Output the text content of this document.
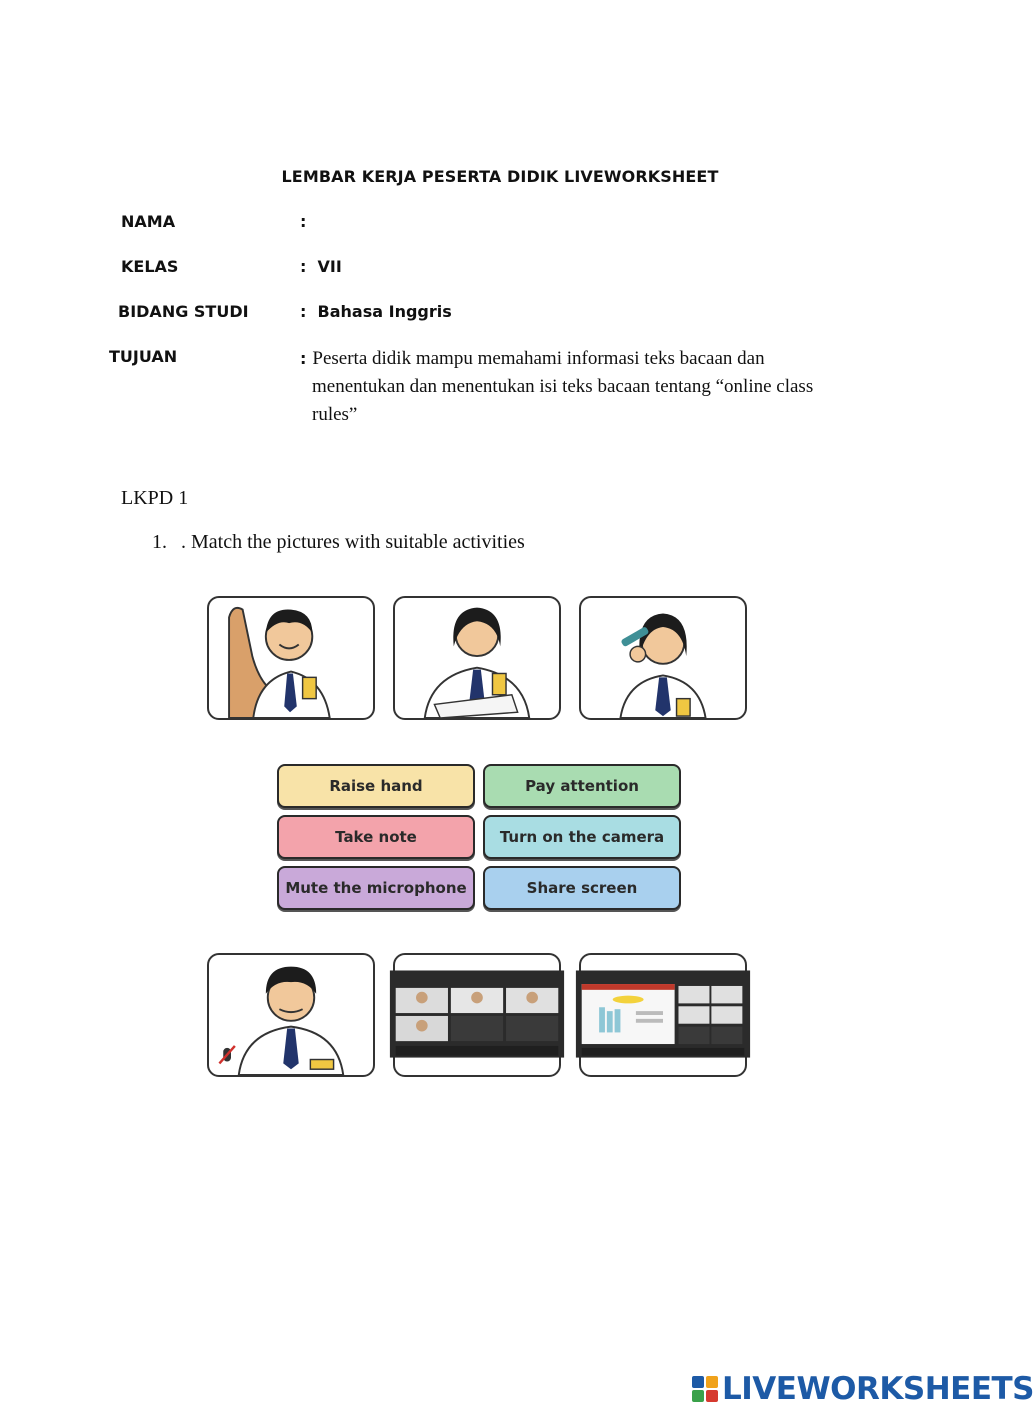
LEMBAR KERJA PESERTA DIDIK LIVEWORKSHEET
NAMA	:
KELAS	:  VII
BIDANG STUDI	:  Bahasa Inggris
TUJUAN	: Peserta didik mampu memahami informasi teks bacaan dan
menentukan dan menentukan isi teks bacaan tentang “online class
rules”
LKPD 1
1. . Match the pictures with suitable activities
Raise hand	Pay attention
Take note	Turn on the camera
Mute the microphone	Share screen
LIVEWORKSHEETS
